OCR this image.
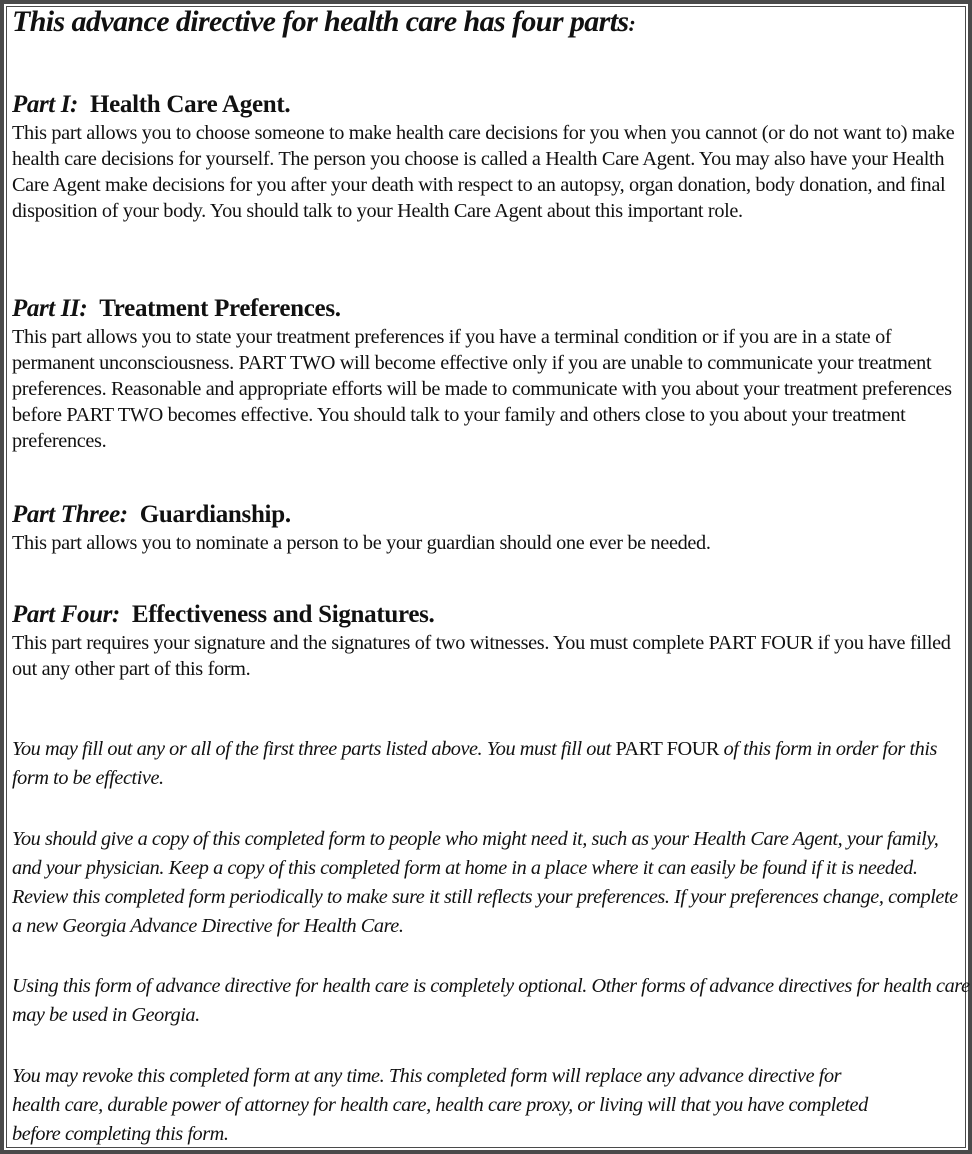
This advance directive for health care has four parts:
Part I: Health Care Agent.

This part allows you to choose someone to make health care decisions for you when you cannot (or do not want to) make health care decisions for yourself. The person you choose is called a Health Care Agent. You may also have your Health Care Agent make decisions for you after your death with respect to an autopsy, organ donation, body donation, and final disposition of your body. You should talk to your Health Care Agent about this important role.

Part II: Treatment Preferences.

This part allows you to state your treatment preferences if you have a terminal condition or if you are in a state of permanent unconsciousness. PART TWO will become effective only if you are unable to communicate your treatment preferences. Reasonable and appropriate efforts will be made to communicate with you about your treatment preferences before PART TWO becomes effective. You should talk to your family and others close to you about your treatment preferences.

Part Three: Guardianship.

This part allows you to nominate a person to be your guardian should one ever be needed.

Part Four: Effectiveness and Signatures.

This part requires your signature and the signatures of two witnesses. You must complete PART FOUR if you have filled out any other part of this form.

You may fill out any or all of the first three parts listed above. You must fill out PART FOUR of this form in order for this form to be effective.

You should give a copy of this completed form to people who might need it, such as your Health Care Agent, your family, and your physician. Keep a copy of this completed form at home in a place where it can easily be found if it is needed. Review this completed form periodically to make sure it still reflects your preferences. If your preferences change, complete a new Georgia Advance Directive for Health Care.

Using this form of advance directive for health care is completely optional. Other forms of advance directives for health care may be used in Georgia.

You may revoke this completed form at any time. This completed form will replace any advance directive for health care, durable power of attorney for health care, health care proxy, or living will that you have completed before completing this form.
